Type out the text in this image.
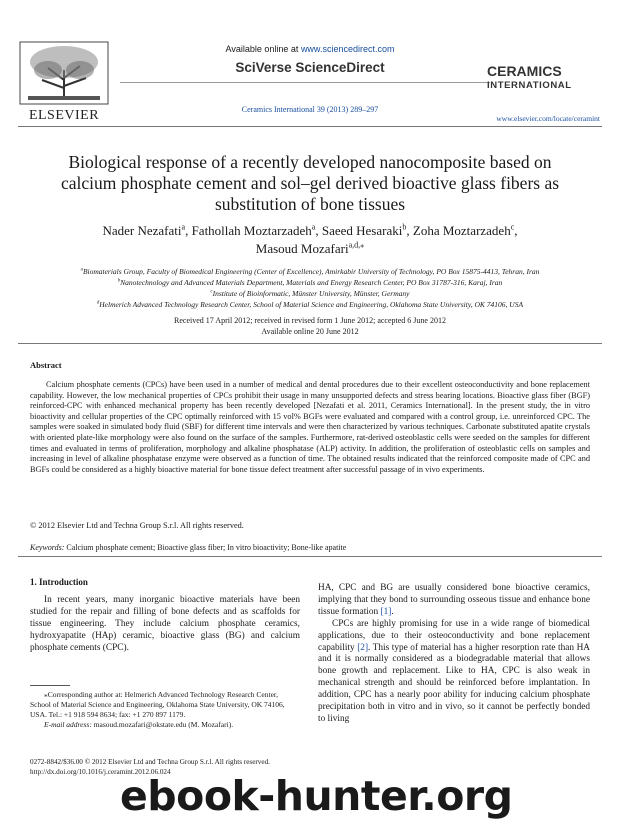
ELSEVIER
Available online at www.sciencedirect.com
SciVerse ScienceDirect
Ceramics International 39 (2013) 289–297
CERAMICS
INTERNATIONAL
www.elsevier.com/locate/ceramint
Biological response of a recently developed nanocomposite based on calcium phosphate cement and sol–gel derived bioactive glass fibers as substitution of bone tissues
Nader Nezafati$^a$, Fathollah Moztarzadeh$^a$, Saeed Hesaraki$^b$, Zoha Moztarzadeh$^c$,
Masoud Mozafari$^{a,d,⁎}$
$^a$Biomaterials Group, Faculty of Biomedical Engineering (Center of Excellence), Amirkabir University of Technology, PO Box 15875-4413, Tehran, Iran
$^b$Nanotechnology and Advanced Materials Department, Materials and Energy Research Center, PO Box 31787-316, Karaj, Iran
$^c$Institute of Bioinformatic, Münster University, Münster, Germany
$^d$Helmerich Advanced Technology Research Center, School of Material Science and Engineering, Oklahoma State University, OK 74106, USA
Received 17 April 2012; received in revised form 1 June 2012; accepted 6 June 2012
Available online 20 June 2012
Abstract
Calcium phosphate cements (CPCs) have been used in a number of medical and dental procedures due to their excellent osteoconductivity and bone replacement capability. However, the low mechanical properties of CPCs prohibit their usage in many unsupported defects and stress bearing locations. Bioactive glass fiber (BGF) reinforced-CPC with enhanced mechanical property has been recently developed [Nezafati et al. 2011, Ceramics International]. In the present study, the in vitro bioactivity and cellular properties of the CPC optimally reinforced with 15 vol% BGFs were evaluated and compared with a control group, i.e. unreinforced CPC. The samples were soaked in simulated body fluid (SBF) for different time intervals and were then characterized by various techniques. Carbonate substituted apatite crystals with oriented plate-like morphology were also found on the surface of the samples. Furthermore, rat-derived osteoblastic cells were seeded on the samples for different times and evaluated in terms of proliferation, morphology and alkaline phosphatase (ALP) activity. In addition, the proliferation of osteoblastic cells on samples and increasing in level of alkaline phosphatase enzyme were observed as a function of time. The obtained results indicated that the reinforced composite made of CPC and BGFs could be considered as a highly bioactive material for bone tissue defect treatment after successful passage of in vivo experiments.
© 2012 Elsevier Ltd and Techna Group S.r.l. All rights reserved.
Keywords: Calcium phosphate cement; Bioactive glass fiber; In vitro bioactivity; Bone-like apatite
1. Introduction
In recent years, many inorganic bioactive materials have been studied for the repair and filling of bone defects and as scaffolds for tissue engineering. They include calcium phosphate ceramics, hydroxyapatite (HAp) ceramic, bioactive glass (BG) and calcium phosphate cements (CPC).
HA, CPC and BG are usually considered bone bioactive ceramics, implying that they bond to surrounding osseous tissue and enhance bone tissue formation [1].
CPCs are highly promising for use in a wide range of biomedical applications, due to their osteoconductivity and bone replacement capability [2]. This type of material has a higher resorption rate than HA and it is normally considered as a biodegradable material that allows bone growth and replacement. Like to HA, CPC is also weak in mechanical strength and should be reinforced before implantation. In addition, CPC has a nearly poor ability for inducing calcium phosphate precipitation both in vitro and in vivo, so it cannot be perfectly bonded to living
⁎Corresponding author at: Helmerich Advanced Technology Research Center, School of Material Science and Engineering, Oklahoma State University, OK 74106, USA. Tel.: +1 918 594 8634; fax: +1 270 897 1179.
E-mail address: masoud.mozafari@okstate.edu (M. Mozafari).
0272-8842/$36.00 © 2012 Elsevier Ltd and Techna Group S.r.l. All rights reserved.
http://dx.doi.org/10.1016/j.ceramint.2012.06.024
ebook-hunter.org
